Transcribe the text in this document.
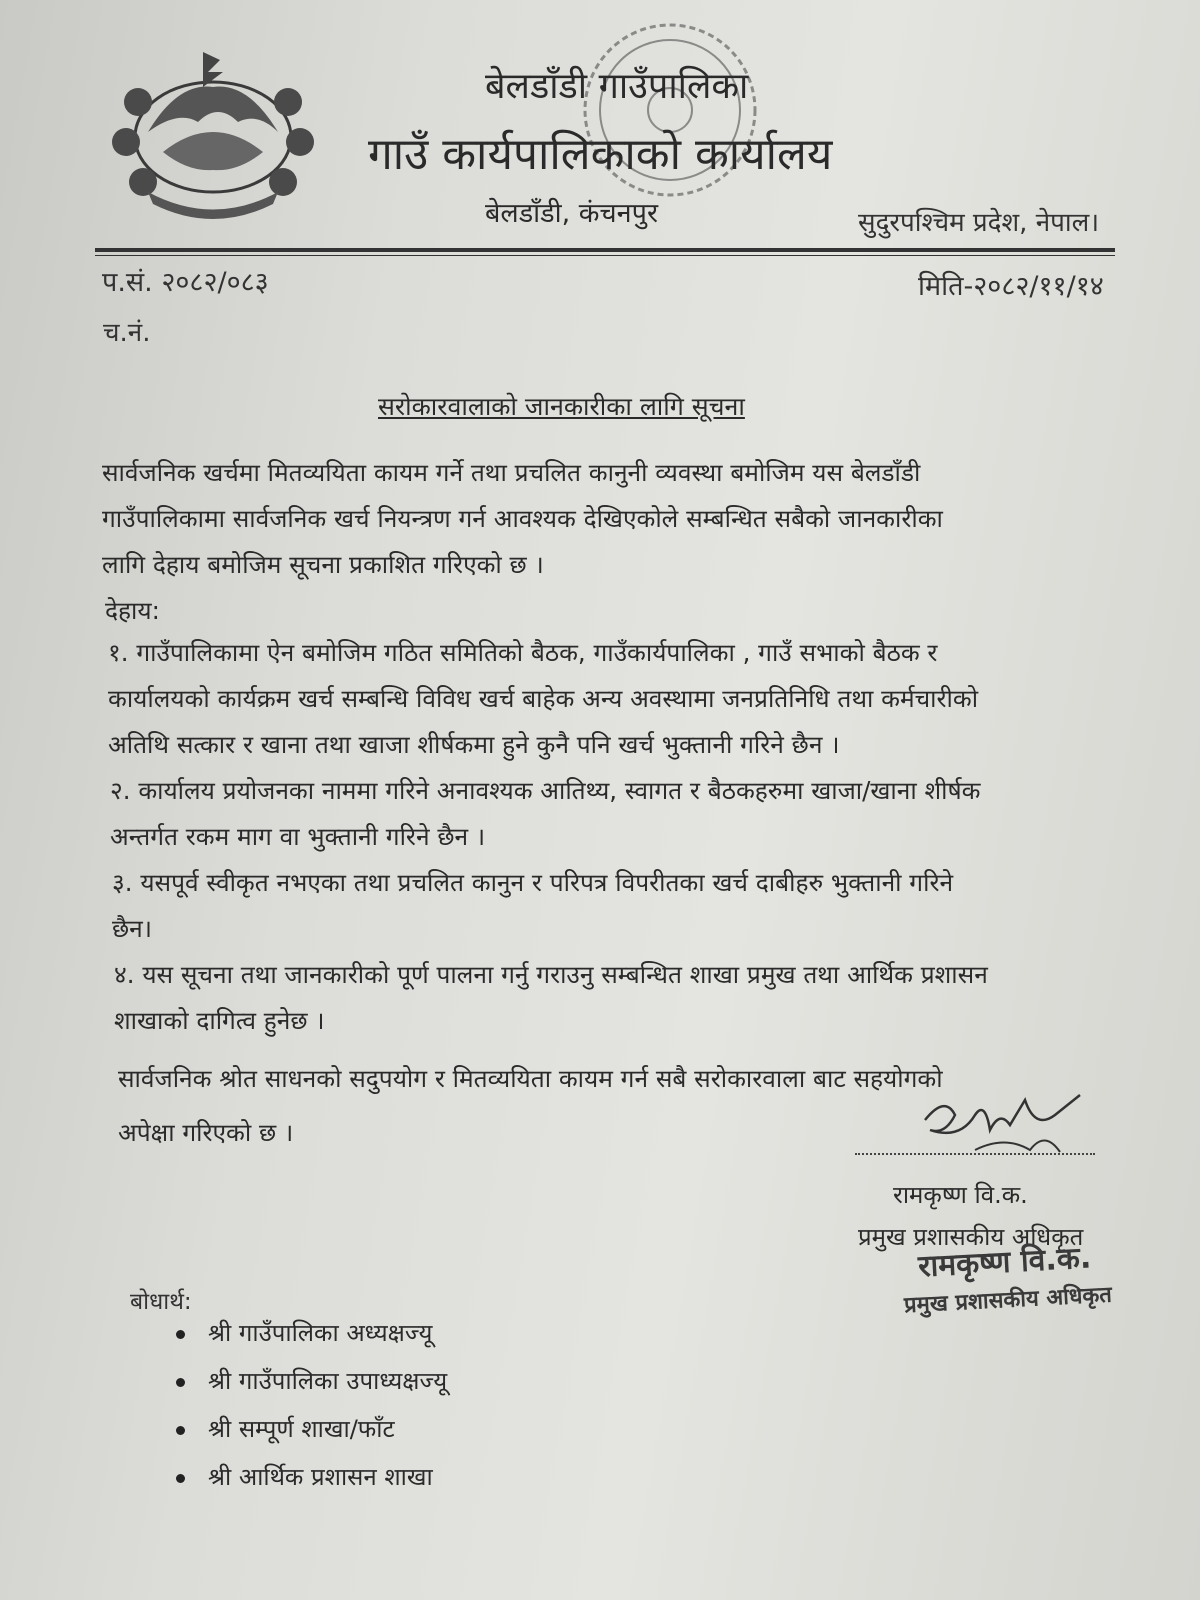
बेलडाँडी गाउँपालिका
गाउँ कार्यपालिकाको कार्यालय
बेलडाँडी, कंचनपुर	सुदुरपश्चिम प्रदेश, नेपाल।
प.सं. २०८२/०८३	मिति-२०८२/११/१४
च.नं.
सरोकारवालाको जानकारीका लागि सूचना
सार्वजनिक खर्चमा मितव्ययिता कायम गर्ने तथा प्रचलित कानुनी व्यवस्था बमोजिम यस बेलडाँडी
गाउँपालिकामा सार्वजनिक खर्च नियन्त्रण गर्न आवश्यक देखिएकोले सम्बन्धित सबैको जानकारीका
लागि देहाय बमोजिम सूचना प्रकाशित गरिएको छ ।
देहाय:
१. गाउँपालिकामा ऐन बमोजिम गठित समितिको बैठक, गाउँकार्यपालिका , गाउँ सभाको बैठक र
कार्यालयको कार्यक्रम खर्च सम्बन्धि विविध खर्च बाहेक अन्य अवस्थामा जनप्रतिनिधि तथा कर्मचारीको
अतिथि सत्कार र खाना तथा खाजा शीर्षकमा हुने कुनै पनि खर्च भुक्तानी गरिने छैन ।
२. कार्यालय प्रयोजनका नाममा गरिने अनावश्यक आतिथ्य, स्वागत र बैठकहरुमा खाजा/खाना शीर्षक
अन्तर्गत रकम माग वा भुक्तानी गरिने छैन ।
३. यसपूर्व स्वीकृत नभएका तथा प्रचलित कानुन र परिपत्र विपरीतका खर्च दाबीहरु भुक्तानी गरिने
छैन।
४. यस सूचना तथा जानकारीको पूर्ण पालना गर्नु गराउनु सम्बन्धित शाखा प्रमुख तथा आर्थिक प्रशासन
शाखाको दागित्व हुनेछ ।
सार्वजनिक श्रोत साधनको सदुपयोग र मितव्ययिता कायम गर्न सबै सरोकारवाला बाट सहयोगको
अपेक्षा गरिएको छ ।
रामकृष्ण वि.क.
प्रमुख प्रशासकीय अधिकृत
रामकृष्ण वि.क.
प्रमुख प्रशासकीय अधिकृत
बोधार्थ:
श्री गाउँपालिका अध्यक्षज्यू
श्री गाउँपालिका उपाध्यक्षज्यू
श्री सम्पूर्ण शाखा/फाँट
श्री आर्थिक प्रशासन शाखा
